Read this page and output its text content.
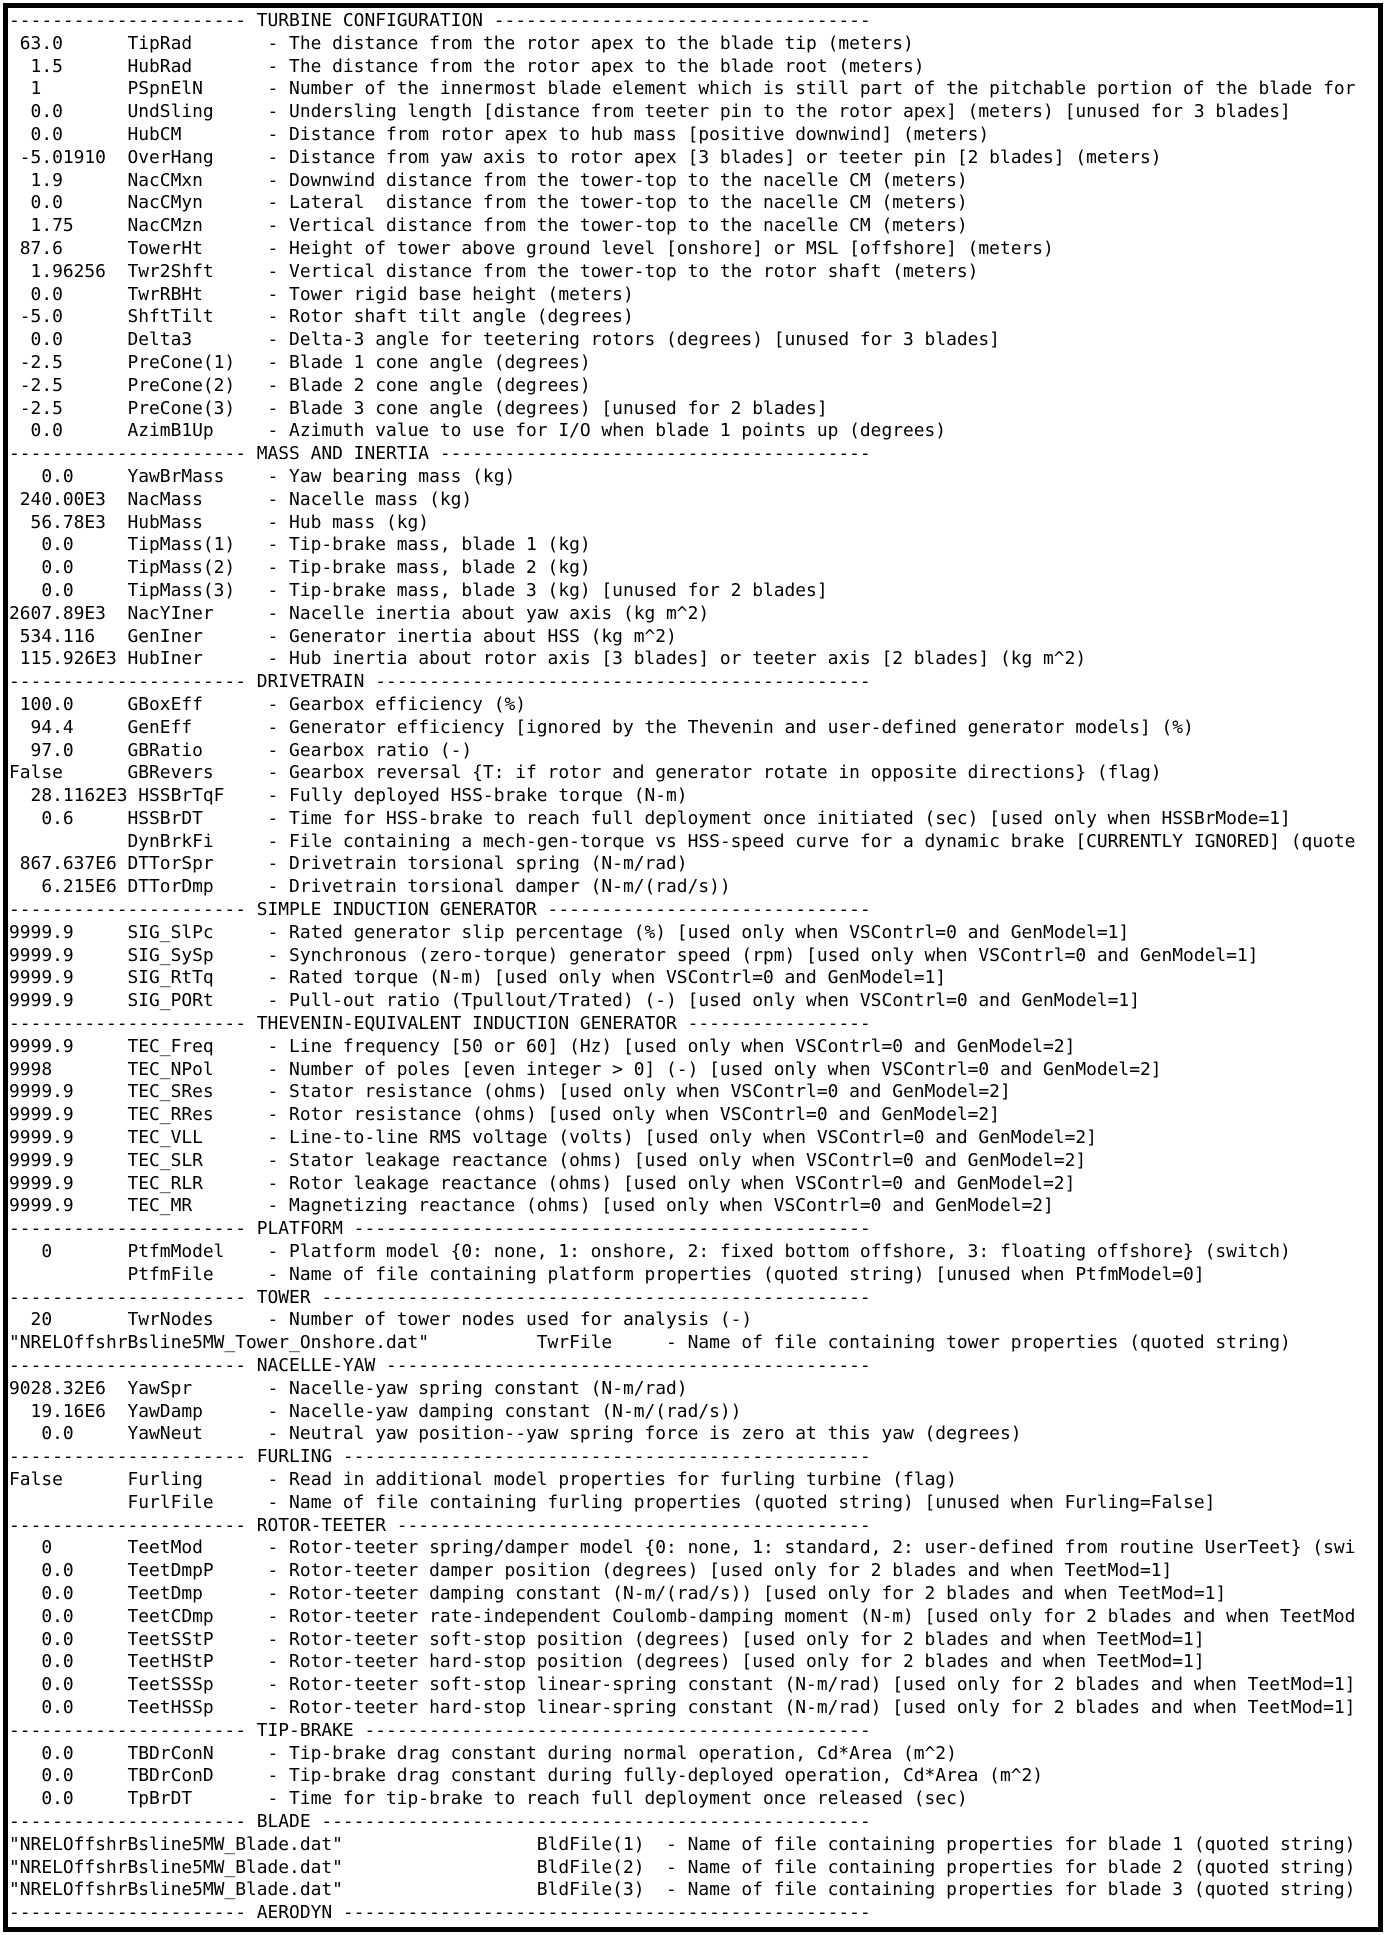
---------------------- TURBINE CONFIGURATION -----------------------------------
63.0      TipRad       - The distance from the rotor apex to the blade tip (meters)
1.5      HubRad       - The distance from the rotor apex to the blade root (meters)
1        PSpnElN      - Number of the innermost blade element which is still part of the pitchable portion of the blade for
0.0      UndSling     - Undersling length [distance from teeter pin to the rotor apex] (meters) [unused for 3 blades]
0.0      HubCM        - Distance from rotor apex to hub mass [positive downwind] (meters)
-5.01910  OverHang     - Distance from yaw axis to rotor apex [3 blades] or teeter pin [2 blades] (meters)
1.9      NacCMxn      - Downwind distance from the tower-top to the nacelle CM (meters)
0.0      NacCMyn      - Lateral  distance from the tower-top to the nacelle CM (meters)
1.75     NacCMzn      - Vertical distance from the tower-top to the nacelle CM (meters)
87.6      TowerHt      - Height of tower above ground level [onshore] or MSL [offshore] (meters)
1.96256  Twr2Shft     - Vertical distance from the tower-top to the rotor shaft (meters)
0.0      TwrRBHt      - Tower rigid base height (meters)
-5.0      ShftTilt     - Rotor shaft tilt angle (degrees)
0.0      Delta3       - Delta-3 angle for teetering rotors (degrees) [unused for 3 blades]
-2.5      PreCone(1)   - Blade 1 cone angle (degrees)
-2.5      PreCone(2)   - Blade 2 cone angle (degrees)
-2.5      PreCone(3)   - Blade 3 cone angle (degrees) [unused for 2 blades]
0.0      AzimB1Up     - Azimuth value to use for I/O when blade 1 points up (degrees)
---------------------- MASS AND INERTIA ----------------------------------------
0.0     YawBrMass    - Yaw bearing mass (kg)
240.00E3  NacMass      - Nacelle mass (kg)
56.78E3  HubMass      - Hub mass (kg)
0.0     TipMass(1)   - Tip-brake mass, blade 1 (kg)
0.0     TipMass(2)   - Tip-brake mass, blade 2 (kg)
0.0     TipMass(3)   - Tip-brake mass, blade 3 (kg) [unused for 2 blades]
2607.89E3  NacYIner     - Nacelle inertia about yaw axis (kg m^2)
534.116   GenIner      - Generator inertia about HSS (kg m^2)
115.926E3 HubIner      - Hub inertia about rotor axis [3 blades] or teeter axis [2 blades] (kg m^2)
---------------------- DRIVETRAIN ----------------------------------------------
100.0     GBoxEff      - Gearbox efficiency (%)
94.4     GenEff       - Generator efficiency [ignored by the Thevenin and user-defined generator models] (%)
97.0     GBRatio      - Gearbox ratio (-)
False      GBRevers     - Gearbox reversal {T: if rotor and generator rotate in opposite directions} (flag)
28.1162E3 HSSBrTqF    - Fully deployed HSS-brake torque (N-m)
0.6     HSSBrDT      - Time for HSS-brake to reach full deployment once initiated (sec) [used only when HSSBrMode=1]
DynBrkFi     - File containing a mech-gen-torque vs HSS-speed curve for a dynamic brake [CURRENTLY IGNORED] (quote
867.637E6 DTTorSpr     - Drivetrain torsional spring (N-m/rad)
6.215E6 DTTorDmp     - Drivetrain torsional damper (N-m/(rad/s))
---------------------- SIMPLE INDUCTION GENERATOR ------------------------------
9999.9     SIG_SlPc     - Rated generator slip percentage (%) [used only when VSContrl=0 and GenModel=1]
9999.9     SIG_SySp     - Synchronous (zero-torque) generator speed (rpm) [used only when VSContrl=0 and GenModel=1]
9999.9     SIG_RtTq     - Rated torque (N-m) [used only when VSContrl=0 and GenModel=1]
9999.9     SIG_PORt     - Pull-out ratio (Tpullout/Trated) (-) [used only when VSContrl=0 and GenModel=1]
---------------------- THEVENIN-EQUIVALENT INDUCTION GENERATOR -----------------
9999.9     TEC_Freq     - Line frequency [50 or 60] (Hz) [used only when VSContrl=0 and GenModel=2]
9998       TEC_NPol     - Number of poles [even integer > 0] (-) [used only when VSContrl=0 and GenModel=2]
9999.9     TEC_SRes     - Stator resistance (ohms) [used only when VSContrl=0 and GenModel=2]
9999.9     TEC_RRes     - Rotor resistance (ohms) [used only when VSContrl=0 and GenModel=2]
9999.9     TEC_VLL      - Line-to-line RMS voltage (volts) [used only when VSContrl=0 and GenModel=2]
9999.9     TEC_SLR      - Stator leakage reactance (ohms) [used only when VSContrl=0 and GenModel=2]
9999.9     TEC_RLR      - Rotor leakage reactance (ohms) [used only when VSContrl=0 and GenModel=2]
9999.9     TEC_MR       - Magnetizing reactance (ohms) [used only when VSContrl=0 and GenModel=2]
---------------------- PLATFORM ------------------------------------------------
0       PtfmModel    - Platform model {0: none, 1: onshore, 2: fixed bottom offshore, 3: floating offshore} (switch)
PtfmFile     - Name of file containing platform properties (quoted string) [unused when PtfmModel=0]
---------------------- TOWER ---------------------------------------------------
20       TwrNodes     - Number of tower nodes used for analysis (-)
"NRELOffshrBsline5MW_Tower_Onshore.dat"          TwrFile     - Name of file containing tower properties (quoted string)
---------------------- NACELLE-YAW ---------------------------------------------
9028.32E6  YawSpr       - Nacelle-yaw spring constant (N-m/rad)
19.16E6  YawDamp      - Nacelle-yaw damping constant (N-m/(rad/s))
0.0     YawNeut      - Neutral yaw position--yaw spring force is zero at this yaw (degrees)
---------------------- FURLING -------------------------------------------------
False      Furling      - Read in additional model properties for furling turbine (flag)
FurlFile     - Name of file containing furling properties (quoted string) [unused when Furling=False]
---------------------- ROTOR-TEETER --------------------------------------------
0       TeetMod      - Rotor-teeter spring/damper model {0: none, 1: standard, 2: user-defined from routine UserTeet} (swi
0.0     TeetDmpP     - Rotor-teeter damper position (degrees) [used only for 2 blades and when TeetMod=1]
0.0     TeetDmp      - Rotor-teeter damping constant (N-m/(rad/s)) [used only for 2 blades and when TeetMod=1]
0.0     TeetCDmp     - Rotor-teeter rate-independent Coulomb-damping moment (N-m) [used only for 2 blades and when TeetMod
0.0     TeetSStP     - Rotor-teeter soft-stop position (degrees) [used only for 2 blades and when TeetMod=1]
0.0     TeetHStP     - Rotor-teeter hard-stop position (degrees) [used only for 2 blades and when TeetMod=1]
0.0     TeetSSSp     - Rotor-teeter soft-stop linear-spring constant (N-m/rad) [used only for 2 blades and when TeetMod=1]
0.0     TeetHSSp     - Rotor-teeter hard-stop linear-spring constant (N-m/rad) [used only for 2 blades and when TeetMod=1]
---------------------- TIP-BRAKE -----------------------------------------------
0.0     TBDrConN     - Tip-brake drag constant during normal operation, Cd*Area (m^2)
0.0     TBDrConD     - Tip-brake drag constant during fully-deployed operation, Cd*Area (m^2)
0.0     TpBrDT       - Time for tip-brake to reach full deployment once released (sec)
---------------------- BLADE ---------------------------------------------------
"NRELOffshrBsline5MW_Blade.dat"                  BldFile(1)  - Name of file containing properties for blade 1 (quoted string)
"NRELOffshrBsline5MW_Blade.dat"                  BldFile(2)  - Name of file containing properties for blade 2 (quoted string)
"NRELOffshrBsline5MW_Blade.dat"                  BldFile(3)  - Name of file containing properties for blade 3 (quoted string)
---------------------- AERODYN -------------------------------------------------
